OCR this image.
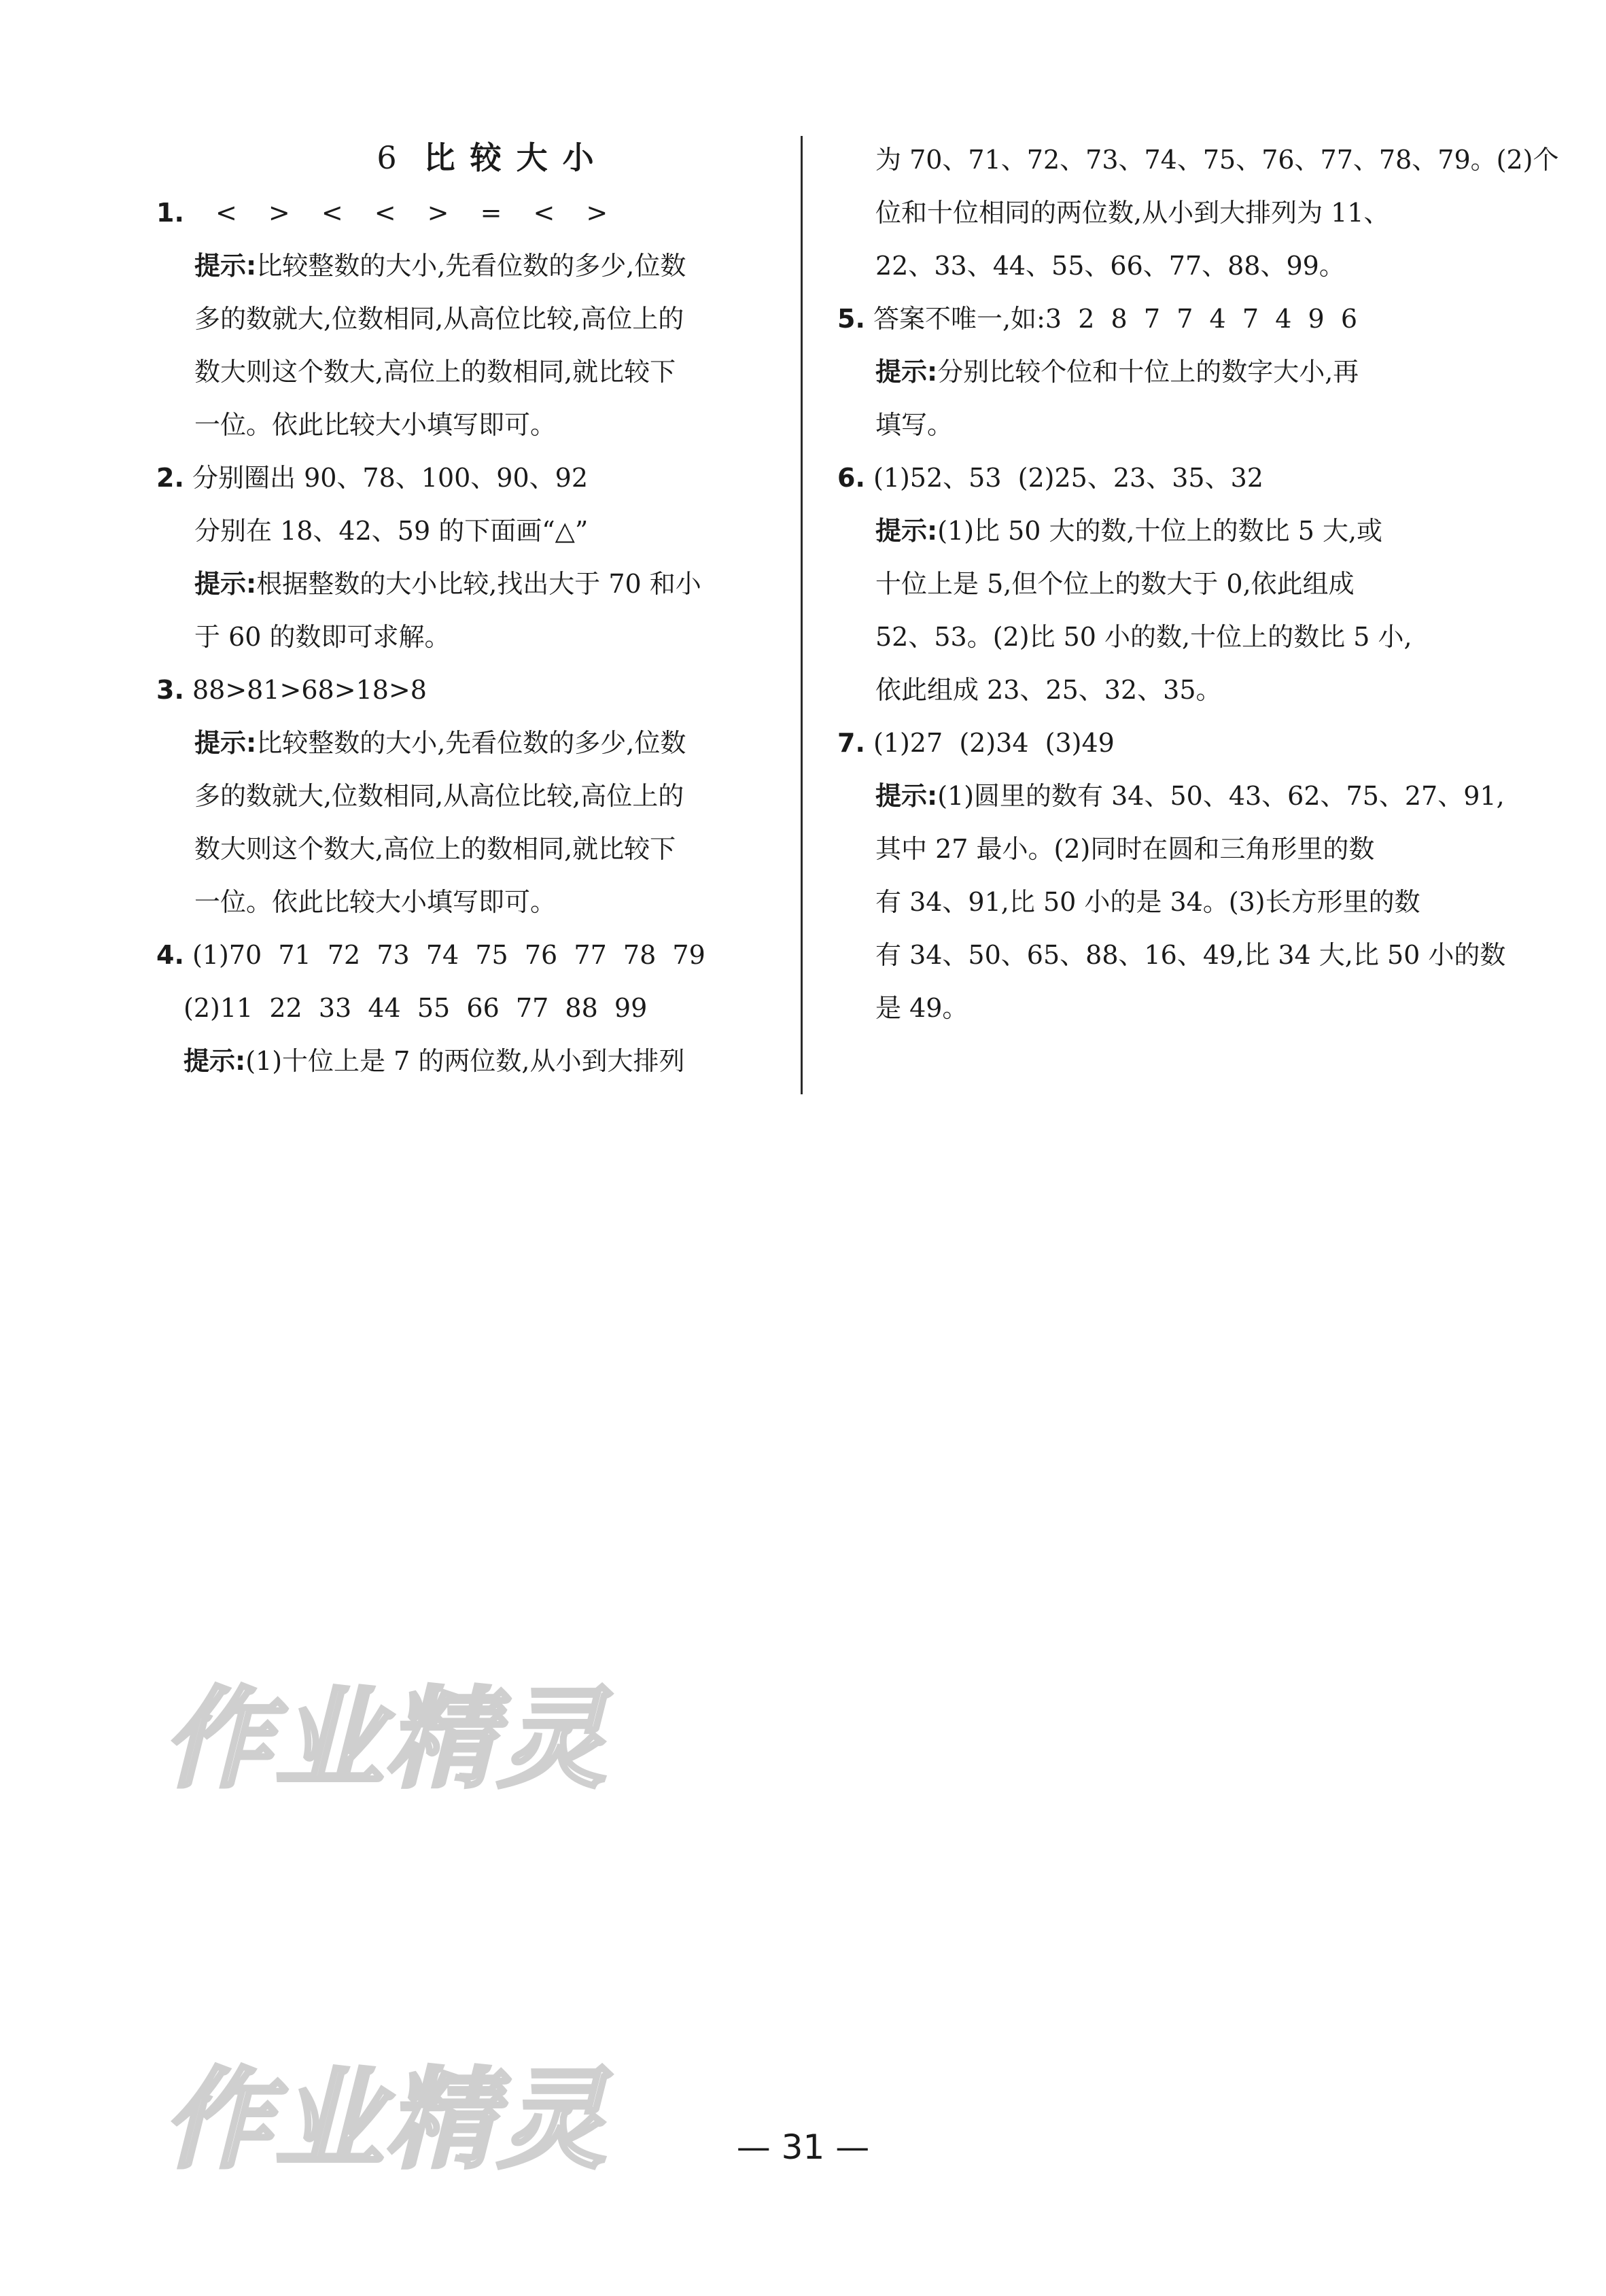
6 比较大小
1. < > < < > = < >
提示:比较整数的大小,先看位数的多少,位数
多的数就大,位数相同,从高位比较,高位上的
数大则这个数大,高位上的数相同,就比较下
一位。依此比较大小填写即可。
2. 分别圈出 90、78、100、90、92
分别在 18、42、59 的下面画“△”
提示:根据整数的大小比较,找出大于 70 和小
于 60 的数即可求解。
3. 88>81>68>18>8
提示:比较整数的大小,先看位数的多少,位数
多的数就大,位数相同,从高位比较,高位上的
数大则这个数大,高位上的数相同,就比较下
一位。依此比较大小填写即可。
4. (1)70  71  72  73  74  75  76  77  78  79
(2)11  22  33  44  55  66  77  88  99
提示:(1)十位上是 7 的两位数,从小到大排列
为 70、71、72、73、74、75、76、77、78、79。(2)个
位和十位相同的两位数,从小到大排列为 11、
22、33、44、55、66、77、88、99。
5. 答案不唯一,如:3  2  8  7  7  4  7  4  9  6
提示:分别比较个位和十位上的数字大小,再
填写。
6. (1)52、53  (2)25、23、35、32
提示:(1)比 50 大的数,十位上的数比 5 大,或
十位上是 5,但个位上的数大于 0,依此组成
52、53。(2)比 50 小的数,十位上的数比 5 小,
依此组成 23、25、32、35。
7. (1)27  (2)34  (3)49
提示:(1)圆里的数有 34、50、43、62、75、27、91,
其中 27 最小。(2)同时在圆和三角形里的数
有 34、91,比 50 小的是 34。(3)长方形里的数
有 34、50、65、88、16、49,比 34 大,比 50 小的数
是 49。
作业精灵
作业精灵	— 31 —
